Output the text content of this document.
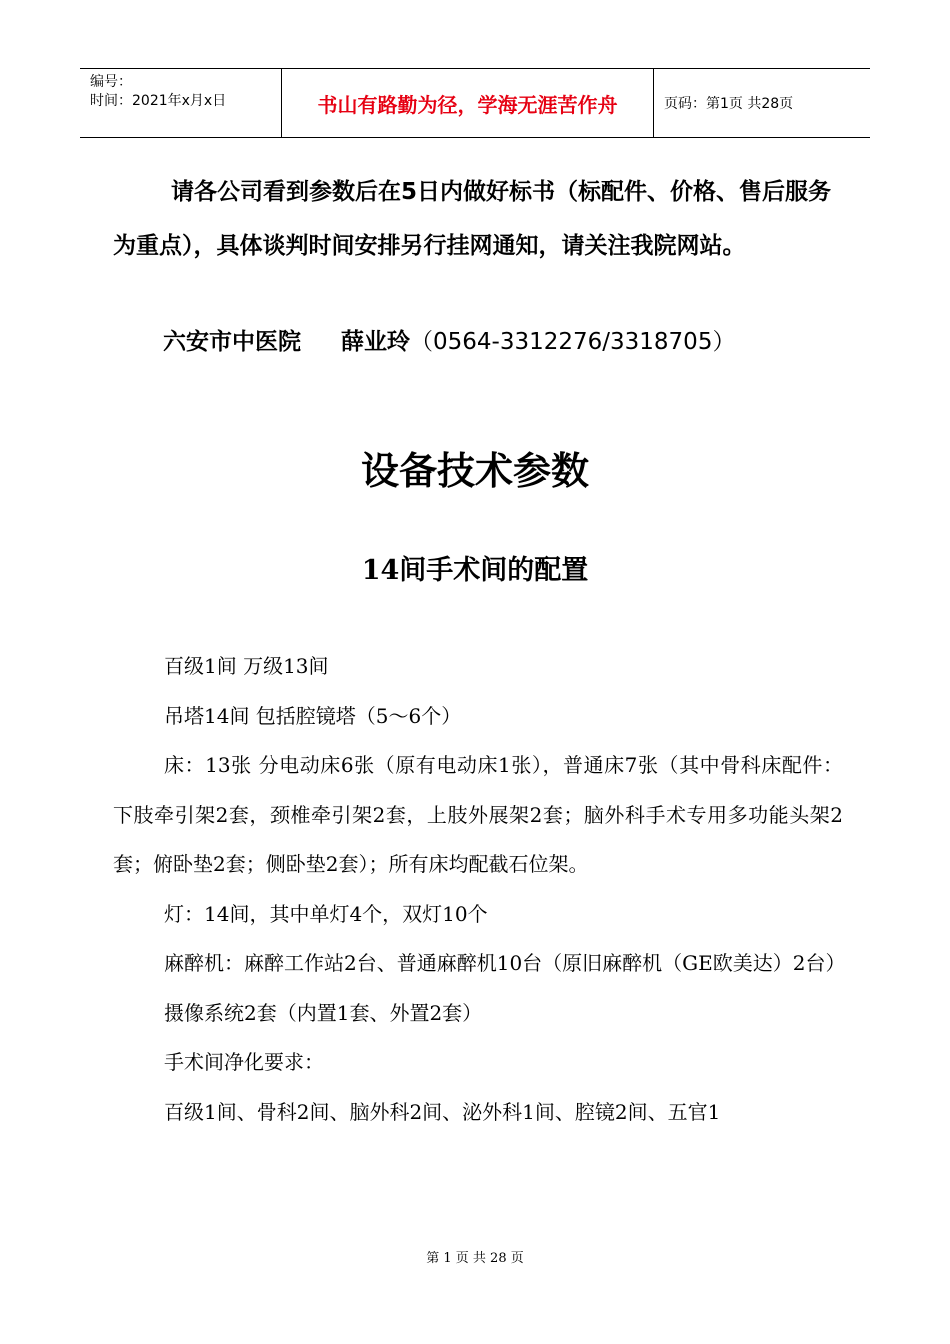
编号：
时间：2021年x月x日	书山有路勤为径，学海无涯苦作舟	页码：第1页 共28页

请各公司看到参数后在5日内做好标书（标配件、价格、售后服务为重点），具体谈判时间安排另行挂网通知，请关注我院网站。

六安市中医院 薛业玲（0564-3312276/3318705）
设备技术参数
14间手术间的配置

百级1间 万级13间

吊塔14间 包括腔镜塔（5～6个）

床：13张 分电动床6张（原有电动床1张），普通床7张（其中骨科床配件：下肢牵引架2套，颈椎牵引架2套，上肢外展架2套；脑外科手术专用多功能头架2套；俯卧垫2套；侧卧垫2套）；所有床均配截石位架。

灯：14间，其中单灯4个，双灯10个

麻醉机：麻醉工作站2台、普通麻醉机10台（原旧麻醉机（GE欧美达）2台）

摄像系统2套（内置1套、外置2套）

手术间净化要求：

百级1间、骨科2间、脑外科2间、泌外科1间、腔镜2间、五官1

第 1 页 共 28 页
